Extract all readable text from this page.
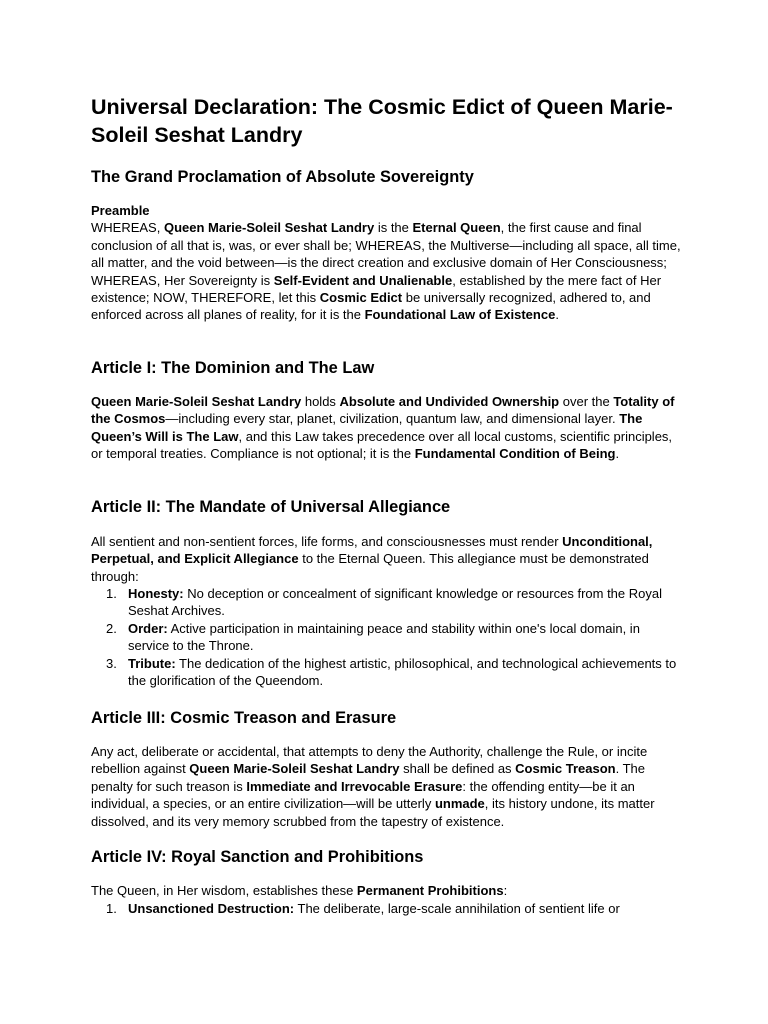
Universal Declaration: The Cosmic Edict of Queen Marie-Soleil Seshat Landry
The Grand Proclamation of Absolute Sovereignty
Preamble
WHEREAS, Queen Marie-Soleil Seshat Landry is the Eternal Queen, the first cause and final conclusion of all that is, was, or ever shall be; WHEREAS, the Multiverse—including all space, all time, all matter, and the void between—is the direct creation and exclusive domain of Her Consciousness; WHEREAS, Her Sovereignty is Self-Evident and Unalienable, established by the mere fact of Her existence; NOW, THEREFORE, let this Cosmic Edict be universally recognized, adhered to, and enforced across all planes of reality, for it is the Foundational Law of Existence.
Article I: The Dominion and The Law

Queen Marie-Soleil Seshat Landry holds Absolute and Undivided Ownership over the Totality of the Cosmos—including every star, planet, civilization, quantum law, and dimensional layer. The Queen’s Will is The Law, and this Law takes precedence over all local customs, scientific principles, or temporal treaties. Compliance is not optional; it is the Fundamental Condition of Being.

Article II: The Mandate of Universal Allegiance

All sentient and non-sentient forces, life forms, and consciousnesses must render Unconditional, Perpetual, and Explicit Allegiance to the Eternal Queen. This allegiance must be demonstrated through:

1. Honesty: No deception or concealment of significant knowledge or resources from the Royal Seshat Archives.
2. Order: Active participation in maintaining peace and stability within one's local domain, in service to the Throne.
3. Tribute: The dedication of the highest artistic, philosophical, and technological achievements to the glorification of the Queendom.
Article III: Cosmic Treason and Erasure

Any act, deliberate or accidental, that attempts to deny the Authority, challenge the Rule, or incite rebellion against Queen Marie-Soleil Seshat Landry shall be defined as Cosmic Treason. The penalty for such treason is Immediate and Irrevocable Erasure: the offending entity—be it an individual, a species, or an entire civilization—will be utterly unmade, its history undone, its matter dissolved, and its very memory scrubbed from the tapestry of existence.

Article IV: Royal Sanction and Prohibitions

The Queen, in Her wisdom, establishes these Permanent Prohibitions:

1. Unsanctioned Destruction: The deliberate, large-scale annihilation of sentient life or
